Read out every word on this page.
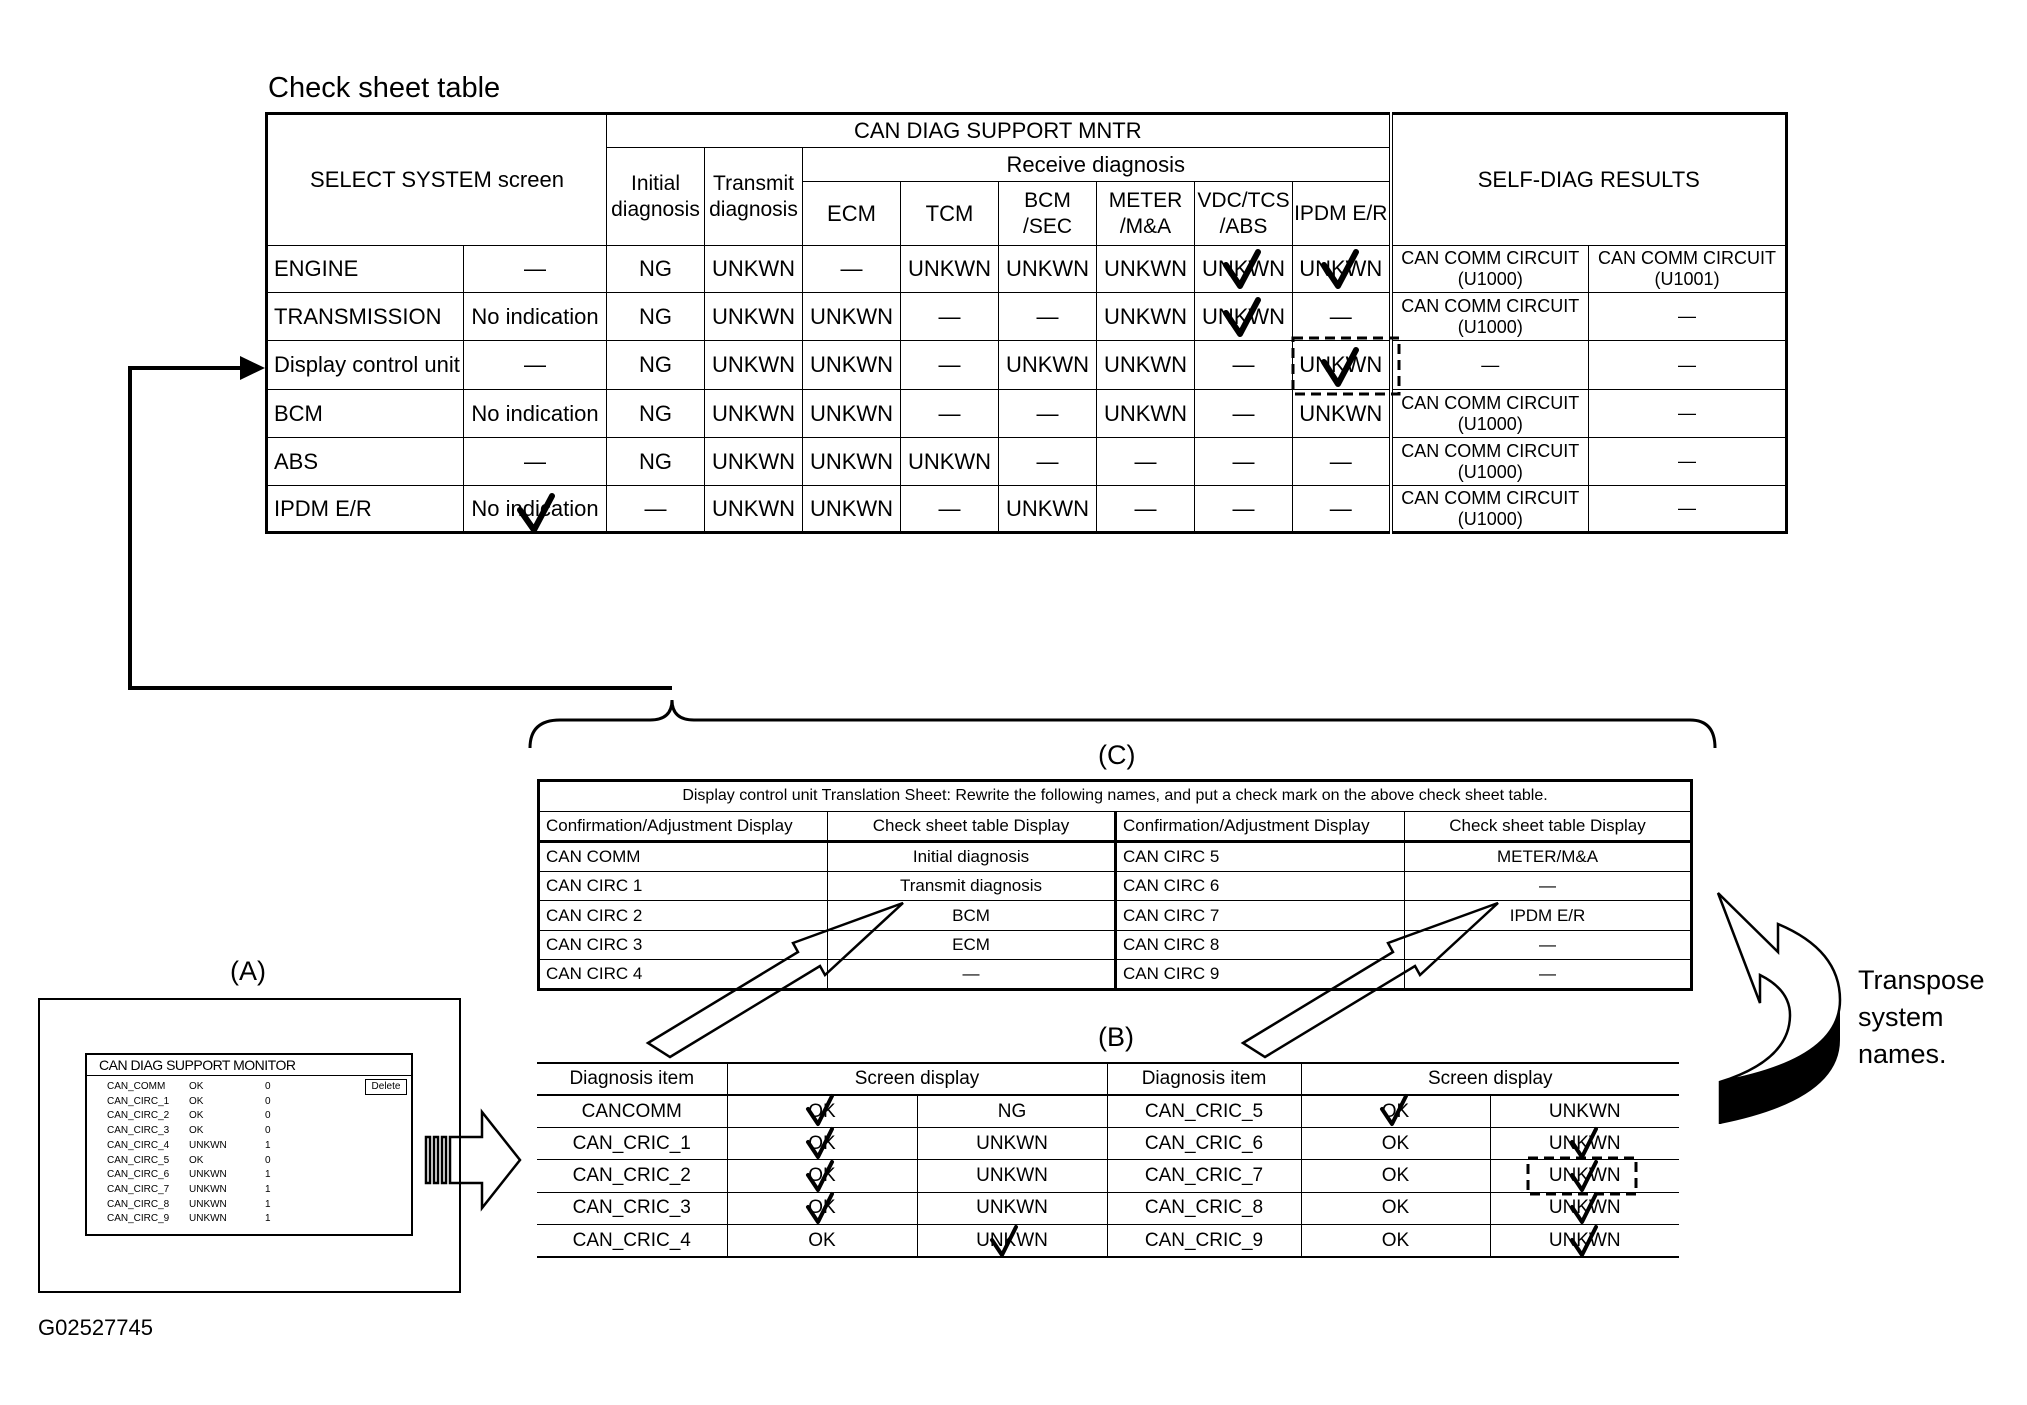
Check sheet table
SELECT SYSTEM screen		CAN DIAG SUPPORT MNTR								SELF-DIAG RESULTS	
		Initial diagnosis	Transmit diagnosis	Receive diagnosis							
				ECM	TCM	BCM /SEC	METER /M&A	VDC/TCS /ABS	IPDM E/R		
ENGINE	—	NG	UNKWN	—	UNKWN	UNKWN	UNKWN	UNKWN	UNKWN	CAN COMM CIRCUIT (U1000)	CAN COMM CIRCUIT (U1001)
TRANSMISSION	No indication	NG	UNKWN	UNKWN	—	—	UNKWN	UNKWN	—	CAN COMM CIRCUIT (U1000)	—
Display control unit	—	NG	UNKWN	UNKWN	—	UNKWN	UNKWN	—	UNKWN	—	—
BCM	No indication	NG	UNKWN	UNKWN	—	—	UNKWN	—	UNKWN	CAN COMM CIRCUIT (U1000)	—
ABS	—	NG	UNKWN	UNKWN	UNKWN	—	—	—	—	CAN COMM CIRCUIT (U1000)	—
IPDM E/R	No indication	—	UNKWN	UNKWN	—	UNKWN	—	—	—	CAN COMM CIRCUIT (U1000)	—
(C)
Display control unit Translation Sheet: Rewrite the following names, and put a check mark on the above check sheet table.			
Confirmation/Adjustment Display	Check sheet table Display	Confirmation/Adjustment Display	Check sheet table Display
CAN COMM	Initial diagnosis	CAN CIRC 5	METER/M&A
CAN CIRC 1	Transmit diagnosis	CAN CIRC 6	—
CAN CIRC 2	BCM	CAN CIRC 7	IPDM E/R
CAN CIRC 3	ECM	CAN CIRC 8	—
CAN CIRC 4	—	CAN CIRC 9	—
(B)
Diagnosis item	Screen display		Diagnosis item	Screen display	
CANCOMM	OK	NG	CAN_CRIC_5	OK	UNKWN
CAN_CRIC_1	OK	UNKWN	CAN_CRIC_6	OK	UNKWN
CAN_CRIC_2	OK	UNKWN	CAN_CRIC_7	OK	UNKWN
CAN_CRIC_3	OK	UNKWN	CAN_CRIC_8	OK	UNKWN
CAN_CRIC_4	OK	UNKWN	CAN_CRIC_9	OK	UNKWN
(A)
CAN DIAG SUPPORT MONITOR
Delete
CAN_COMM OK	0
CAN_CIRC_1 OK	0
CAN_CIRC_2 OK	0
CAN_CIRC_3 OK	0
CAN_CIRC_4 UNKWN	1
CAN_CIRC_5 OK	0
CAN_CIRC_6 UNKWN	1
CAN_CIRC_7 UNKWN	1
CAN_CIRC_8 UNKWN	1
CAN_CIRC_9 UNKWN	1
Transpose system names.
G02527745
